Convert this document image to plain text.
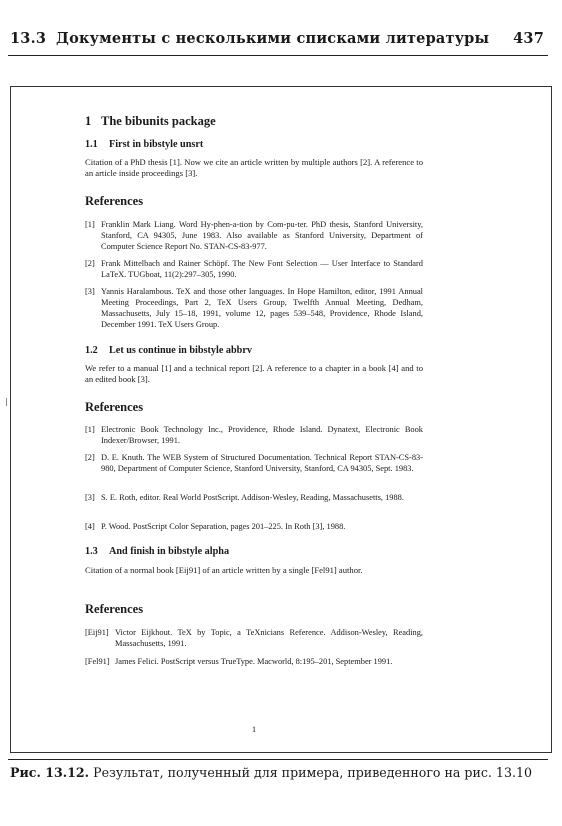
13.3 Документы с несколькими списками литературы 437
1 The bibunits package
1.1 First in bibstyle unsrt
Citation of a PhD thesis [1]. Now we cite an article written by multiple authors [2]. A reference to an article inside proceedings [3].
References
[1] Franklin Mark Liang. Word Hy-phen-a-tion by Com-pu-ter. PhD thesis, Stanford University, Stanford, CA 94305, June 1983. Also available as Stanford University, Department of Computer Science Report No. STAN-CS-83-977.
[2] Frank Mittelbach and Rainer Schöpf. The New Font Selection — User Interface to Standard LaTeX. TUGboat, 11(2):297–305, 1990.
[3] Yannis Haralambous. TeX and those other languages. In Hope Hamilton, editor, 1991 Annual Meeting Proceedings, Part 2, TeX Users Group, Twelfth Annual Meeting, Dedham, Massachusetts, July 15–18, 1991, volume 12, pages 539–548, Providence, Rhode Island, December 1991. TeX Users Group.
1.2 Let us continue in bibstyle abbrv
We refer to a manual [1] and a technical report [2]. A reference to a chapter in a book [4] and to an edited book [3].
References
[1] Electronic Book Technology Inc., Providence, Rhode Island. Dynatext, Electronic Book Indexer/Browser, 1991.
[2] D. E. Knuth. The WEB System of Structured Documentation. Technical Report STAN-CS-83-980, Department of Computer Science, Stanford University, Stanford, CA 94305, Sept. 1983.
[3] S. E. Roth, editor. Real World PostScript. Addison-Wesley, Reading, Massachusetts, 1988.
[4] P. Wood. PostScript Color Separation, pages 201–225. In Roth [3], 1988.
1.3 And finish in bibstyle alpha
Citation of a normal book [Eij91] of an article written by a single [Fel91] author.
References
[Eij91] Victor Eijkhout. TeX by Topic, a TeXnicians Reference. Addison-Wesley, Reading, Massachusetts, 1991.
[Fel91] James Felici. PostScript versus TrueType. Macworld, 8:195–201, September 1991.
1
Рис. 13.12. Результат, полученный для примера, приведенного на рис. 13.10
